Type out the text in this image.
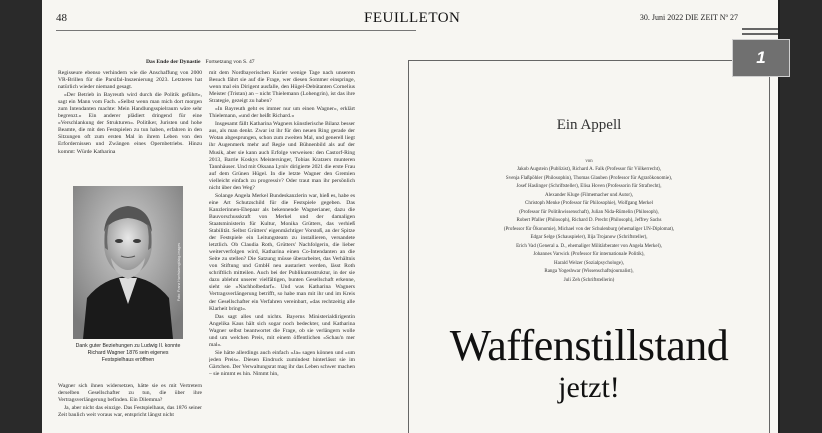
48	FEUILLETON	30. Juni 2022 DIE ZEIT Nº 27
Das Ende der Dynastie Fortsetzung von S. 47

Regisseure ebenso verhindern wie die Anschaffung von 2000 VR-Brillen für die Parsifal-Inszenierung 2023. Letzteres hat natürlich wieder niemand gesagt.

»Der Betrieb in Bayreuth wird durch die Politik geführt«, sagt ein Mann vom Fach. »Selbst wenn man mich dort morgen zum Intendanten machte: Mein Handlungsspielraum wäre sehr begrenzt.« Ein anderer plädiert dringend für eine »Verschlankung der Strukturen«. Politiker, Juristen und hohe Beamte, die mit den Festspielen zu tun haben, erfahren in den Sitzungen oft zum ersten Mal in ihrem Leben von den Erfordernissen und Zwängen eines Opernbetriebs. Hinzu kommt: Würde Katharina

Foto: Franz Hanfstaengl/akg-images
Dank guter Beziehungen zu Ludwig II. konnte Richard Wagner 1876 sein eigenes Festspielhaus eröffnen

Wagner sich ihnen widersetzen, hätte sie es mit Vertretern derselben Gesellschafter zu tun, die über ihre Vertragsverlängerung befinden. Ein Dilemma?

Ja, aber nicht das einzige. Das Festspielhaus, das 1876 seiner Zeit baulich weit voraus war, entspricht längst nicht

mit dem Nordbayerischen Kurier wenige Tage nach unserem Besuch fährt sie auf die Frage, wer diesen Sommer einspringe, wenn mal ein Dirigent ausfalle, den Hügel-Debütanten Cornelius Meister (Tristan) an – nicht Thielemann (Lohengrin), ist das ihre Strategie, gezeigt zu haben?

»In Bayreuth geht es immer nur um einen Wagner«, erklärt Thielemann, »und der heißt Richard.«

Insgesamt fällt Katharina Wagners künstlerische Bilanz besser aus, als man denkt. Zwar ist ihr für den neuen Ring gerade der Wotan abgesprungen, schon zum zweiten Mal, und generell liegt ihr Augenmerk mehr auf Regie und Bühnenbild als auf der Musik, aber sie kann auch Erfolge verweisen: den Castorf-Ring 2013, Barrie Koskys Meistersinger, Tobias Kratzers munteren Tannhäuser. Und mit Oksana Lyniv dirigierte 2021 die erste Frau auf dem Grünen Hügel. In die letzte Wagner den Gremien vielleicht einfach zu progressiv? Oder traut man ihr persönlich nicht über den Weg?

Solange Angela Merkel Bundeskanzlerin war, hieß es, habe es eine Art Schutzschild für die Festspiele gegeben. Das Kanzlerinnen-Ehepaar als bekennende Wagnerianer, dazu die Bauvorschusskraft von Merkel und der damaligen Staatsministerin für Kultur, Monika Grütters, das verhieß Stabilität. Selbst Grütters' eigenmächtiger Vorstoß, an der Spitze der Festspiele ein Leitungsteam zu installieren, versandete letztlich. Ob Claudia Roth, Grütters' Nachfolgerin, die lieber weiterverfolgen wird, Katharina einen Co-Intendanten an die Seite zu stellen? Die Satzung müsse überarbeitet, das Verhältnis von Stiftung und GmbH neu austariert werden, lässt Roth schriftlich mitteilen. Auch bei der Publikumsstruktur, in der sie dazu ablehnt unserer vielfältigen, bunten Gesellschaft erkenne, sieht sie »Nachholbedarf«. Und was Katharina Wagners Vertragsverlängerung betrifft, so habe man mit ihr und im Kreis der Gesellschafter ein Verfahren vereinbart, »das rechtzeitig alle Klarheit bringt«.

Das sagt alles und nichts. Bayerns Ministerialdirigentin Angelika Kaus hält sich sogar noch bedeckter, und Katharina Wagner selbst beantwortet die Frage, ob sie verlängern wolle und um welchen Preis, mit einem öffentlichen »Schau'n mer mal«.

Sie hätte allerdings auch einfach »Ja« sagen können und »um jeden Preis«. Diesen Eindruck zumindest hinterlässt sie im Gärtchen. Der Verwaltungsrat mag ihr das Leben schwer machen – sie nimmt es hin. Nimmt hin,

Ein Appell
von
Jakob Augstein (Publizist), Richard A. Falk (Professor für Völkerrecht),
Svenja Flaßpöhler (Philosophin), Thomas Glauben (Professor für Agrarökonomie),
Josef Haslinger (Schriftsteller), Elisa Hoven (Professorin für Strafrecht),
Alexander Kluge (Filmemacher und Autor),
Christoph Menke (Professor für Philosophie), Wolfgang Merkel
(Professor für Politikwissenschaft), Julian Nida-Rümelin (Philosoph),
Robert Pfaller (Philosoph), Richard D. Precht (Philosoph), Jeffrey Sachs
(Professor für Ökonomie), Michael von der Schulenburg (ehemaliger UN-Diplomat),
Edgar Selge (Schauspieler), Ilija Trojanow (Schriftsteller),
Erich Vad (General a. D., ehemaliger Militärberater von Angela Merkel),
Johannes Varwick (Professor für internationale Politik),
Harald Welzer (Sozialpsychologe),
Ranga Yogeshwar (Wissenschaftsjournalist),
Juli Zeh (Schriftstellerin)
Waffenstillstand
jetzt!
1
